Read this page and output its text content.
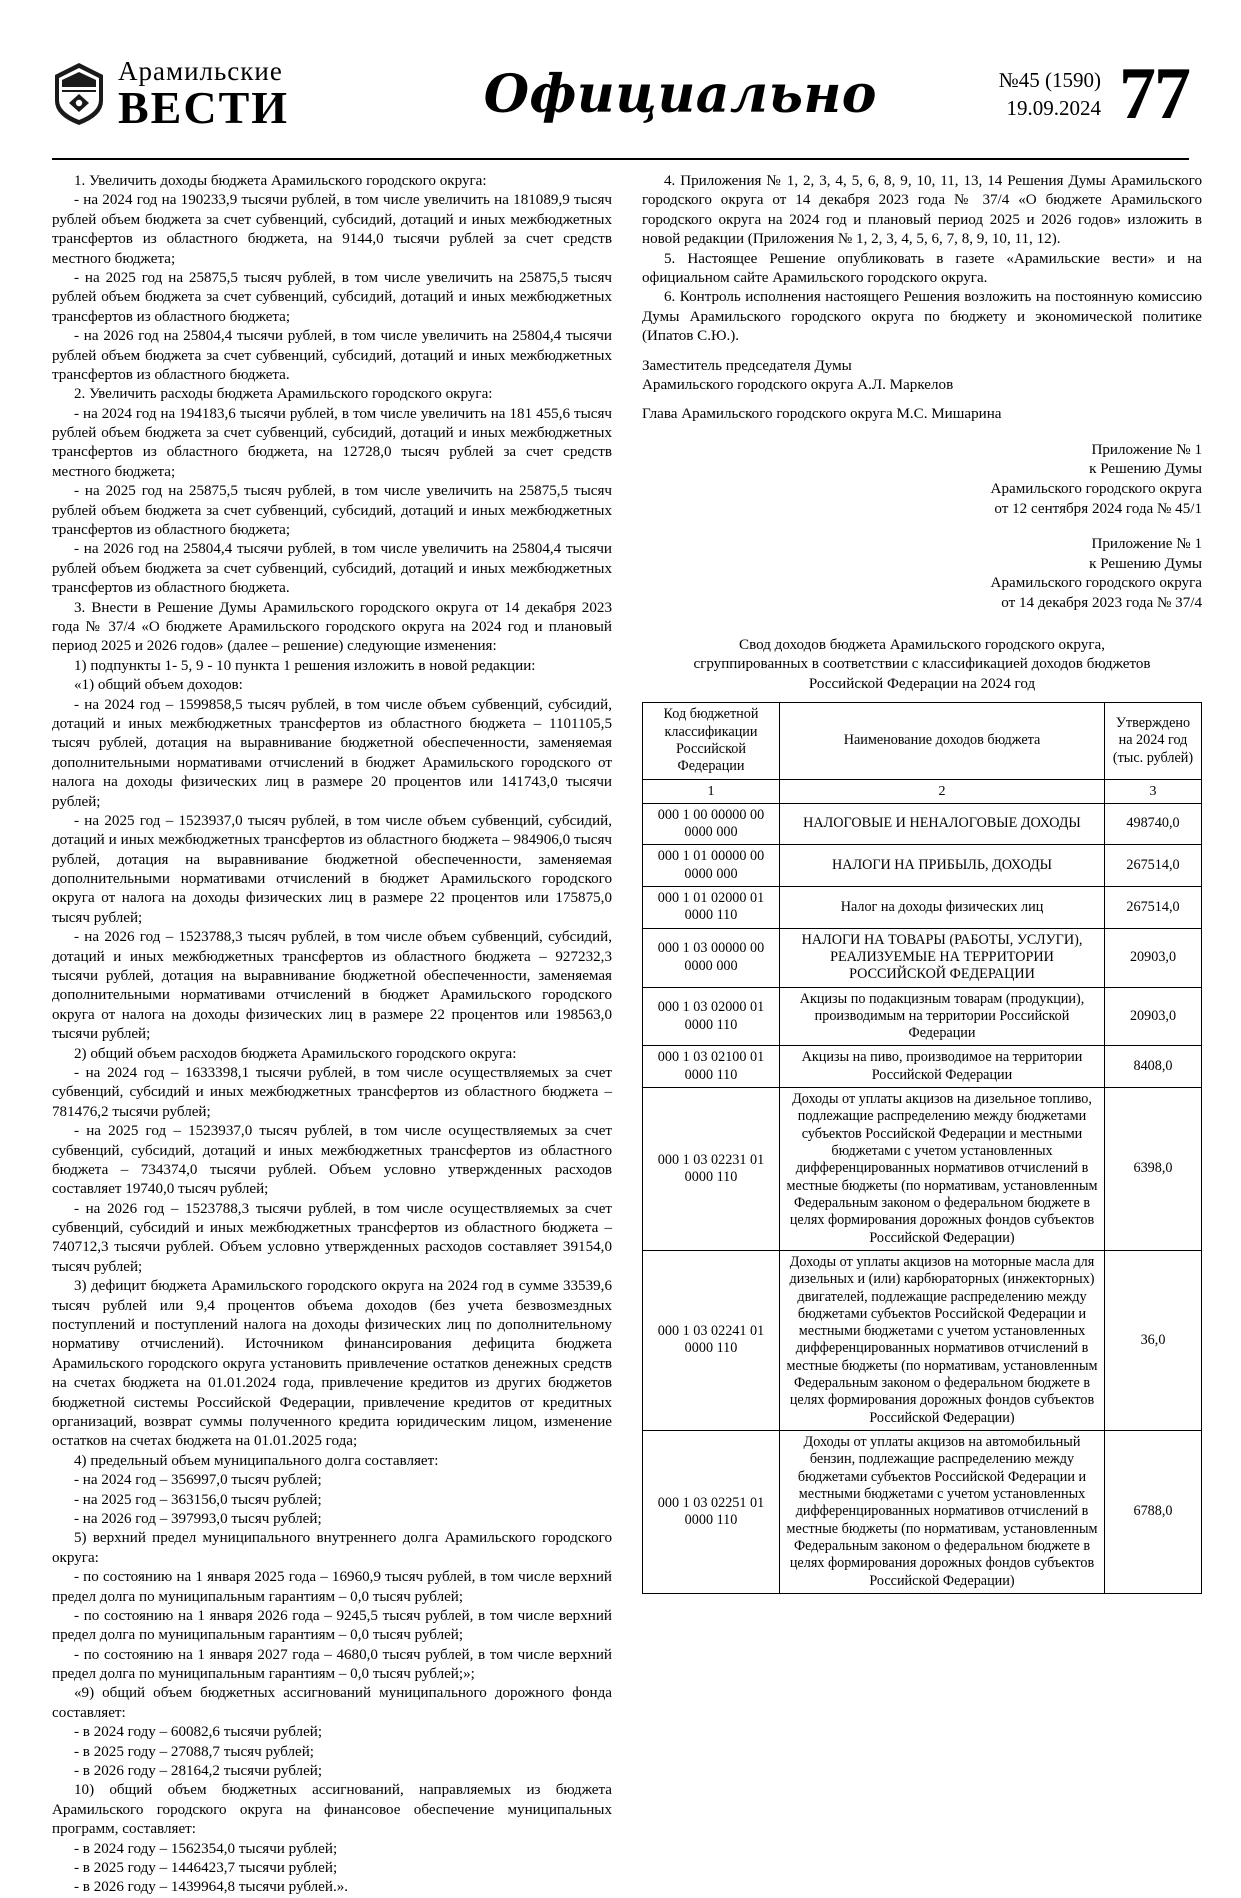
Арамильские
ВЕСТИ	Официально	№45 (1590)
19.09.2024 77

1. Увеличить доходы бюджета Арамильского городского округа:

- на 2024 год на 190233,9 тысячи рублей, в том числе увеличить на 181089,9 тысяч рублей объем бюджета за счет субвенций, субсидий, дотаций и иных межбюджетных трансфертов из областного бюджета, на 9144,0 тысячи рублей за счет средств местного бюджета;

- на 2025 год на 25875,5 тысяч рублей, в том числе увеличить на 25875,5 тысяч рублей объем бюджета за счет субвенций, субсидий, дотаций и иных межбюджетных трансфертов из областного бюджета;

- на 2026 год на 25804,4 тысячи рублей, в том числе увеличить на 25804,4 тысячи рублей объем бюджета за счет субвенций, субсидий, дотаций и иных межбюджетных трансфертов из областного бюджета.

2. Увеличить расходы бюджета Арамильского городского округа:

- на 2024 год на 194183,6 тысячи рублей, в том числе увеличить на 181 455,6 тысяч рублей объем бюджета за счет субвенций, субсидий, дотаций и иных межбюджетных трансфертов из областного бюджета, на 12728,0 тысяч рублей за счет средств местного бюджета;

- на 2025 год на 25875,5 тысяч рублей, в том числе увеличить на 25875,5 тысяч рублей объем бюджета за счет субвенций, субсидий, дотаций и иных межбюджетных трансфертов из областного бюджета;

- на 2026 год на 25804,4 тысячи рублей, в том числе увеличить на 25804,4 тысячи рублей объем бюджета за счет субвенций, субсидий, дотаций и иных межбюджетных трансфертов из областного бюджета.

3. Внести в Решение Думы Арамильского городского округа от 14 декабря 2023 года № 37/4 «О бюджете Арамильского городского округа на 2024 год и плановый период 2025 и 2026 годов» (далее – решение) следующие изменения:

1) подпункты 1- 5, 9 - 10 пункта 1 решения изложить в новой редакции:

«1) общий объем доходов:

- на 2024 год – 1599858,5 тысяч рублей, в том числе объем субвенций, субсидий, дотаций и иных межбюджетных трансфертов из областного бюджета – 1101105,5 тысяч рублей, дотация на выравнивание бюджетной обеспеченности, заменяемая дополнительными нормативами отчислений в бюджет Арамильского городского от налога на доходы физических лиц в размере 20 процентов или 141743,0 тысячи рублей;

- на 2025 год – 1523937,0 тысяч рублей, в том числе объем субвенций, субсидий, дотаций и иных межбюджетных трансфертов из областного бюджета – 984906,0 тысяч рублей, дотация на выравнивание бюджетной обеспеченности, заменяемая дополнительными нормативами отчислений в бюджет Арамильского городского округа от налога на доходы физических лиц в размере 22 процентов или 175875,0 тысяч рублей;

- на 2026 год – 1523788,3 тысяч рублей, в том числе объем субвенций, субсидий, дотаций и иных межбюджетных трансфертов из областного бюджета – 927232,3 тысячи рублей, дотация на выравнивание бюджетной обеспеченности, заменяемая дополнительными нормативами отчислений в бюджет Арамильского городского округа от налога на доходы физических лиц в размере 22 процентов или 198563,0 тысячи рублей;

2) общий объем расходов бюджета Арамильского городского округа:

- на 2024 год – 1633398,1 тысячи рублей, в том числе осуществляемых за счет субвенций, субсидий и иных межбюджетных трансфертов из областного бюджета – 781476,2 тысячи рублей;

- на 2025 год – 1523937,0 тысяч рублей, в том числе осуществляемых за счет субвенций, субсидий, дотаций и иных межбюджетных трансфертов из областного бюджета – 734374,0 тысячи рублей. Объем условно утвержденных расходов составляет 19740,0 тысяч рублей;

- на 2026 год – 1523788,3 тысячи рублей, в том числе осуществляемых за счет субвенций, субсидий и иных межбюджетных трансфертов из областного бюджета – 740712,3 тысячи рублей. Объем условно утвержденных расходов составляет 39154,0 тысяч рублей;

3) дефицит бюджета Арамильского городского округа на 2024 год в сумме 33539,6 тысяч рублей или 9,4 процентов объема доходов (без учета безвозмездных поступлений и поступлений налога на доходы физических лиц по дополнительному нормативу отчислений). Источником финансирования дефицита бюджета Арамильского городского округа установить привлечение остатков денежных средств на счетах бюджета на 01.01.2024 года, привлечение кредитов из других бюджетов бюджетной системы Российской Федерации, привлечение кредитов от кредитных организаций, возврат суммы полученного кредита юридическим лицом, изменение остатков на счетах бюджета на 01.01.2025 года;

4) предельный объем муниципального долга составляет:

- на 2024 год – 356997,0 тысяч рублей;

- на 2025 год – 363156,0 тысяч рублей;

- на 2026 год – 397993,0 тысяч рублей;

5) верхний предел муниципального внутреннего долга Арамильского городского округа:

- по состоянию на 1 января 2025 года – 16960,9 тысяч рублей, в том числе верхний предел долга по муниципальным гарантиям – 0,0 тысяч рублей;

- по состоянию на 1 января 2026 года – 9245,5 тысяч рублей, в том числе верхний предел долга по муниципальным гарантиям – 0,0 тысяч рублей;

- по состоянию на 1 января 2027 года – 4680,0 тысяч рублей, в том числе верхний предел долга по муниципальным гарантиям – 0,0 тысяч рублей;»;

«9) общий объем бюджетных ассигнований муниципального дорожного фонда составляет:

- в 2024 году – 60082,6 тысячи рублей;

- в 2025 году – 27088,7 тысяч рублей;

- в 2026 году – 28164,2 тысячи рублей;

10) общий объем бюджетных ассигнований, направляемых из бюджета Арамильского городского округа на финансовое обеспечение муниципальных программ, составляет:

- в 2024 году – 1562354,0 тысячи рублей;

- в 2025 году – 1446423,7 тысячи рублей;

- в 2026 году – 1439964,8 тысячи рублей.».

4. Приложения № 1, 2, 3, 4, 5, 6, 8, 9, 10, 11, 13, 14 Решения Думы Арамильского городского округа от 14 декабря 2023 года № 37/4 «О бюджете Арамильского городского округа на 2024 год и плановый период 2025 и 2026 годов» изложить в новой редакции (Приложения № 1, 2, 3, 4, 5, 6, 7, 8, 9, 10, 11, 12).

5. Настоящее Решение опубликовать в газете «Арамильские вести» и на официальном сайте Арамильского городского округа.

6. Контроль исполнения настоящего Решения возложить на постоянную комиссию Думы Арамильского городского округа по бюджету и экономической политике (Ипатов С.Ю.).

Заместитель председателя Думы

Арамильского городского округа А.Л. Маркелов

Глава Арамильского городского округа М.С. Мишарина

Приложение № 1
к Решению Думы
Арамильского городского округа
от 12 сентября 2024 года № 45/1
Приложение № 1
к Решению Думы
Арамильского городского округа
от 14 декабря 2023 года № 37/4
Свод доходов бюджета Арамильского городского округа,
сгруппированных в соответствии с классификацией доходов бюджетов
Российской Федерации на 2024 год
Код бюджетной классификации Российской Федерации	Наименование доходов бюджета	Утверждено на 2024 год (тыс. рублей)
1	2	3
000 1 00 00000 00 0000 000	НАЛОГОВЫЕ И НЕНАЛОГОВЫЕ ДОХОДЫ	498740,0
000 1 01 00000 00 0000 000	НАЛОГИ НА ПРИБЫЛЬ, ДОХОДЫ	267514,0
000 1 01 02000 01 0000 110	Налог на доходы физических лиц	267514,0
000 1 03 00000 00 0000 000	НАЛОГИ НА ТОВАРЫ (РАБОТЫ, УСЛУГИ), РЕАЛИЗУЕМЫЕ НА ТЕРРИТОРИИ РОССИЙСКОЙ ФЕДЕРАЦИИ	20903,0
000 1 03 02000 01 0000 110	Акцизы по подакцизным товарам (продукции), производимым на территории Российской Федерации	20903,0
000 1 03 02100 01 0000 110	Акцизы на пиво, производимое на территории Российской Федерации	8408,0
000 1 03 02231 01 0000 110	Доходы от уплаты акцизов на дизельное топливо, подлежащие распределению между бюджетами субъектов Российской Федерации и местными бюджетами с учетом установленных дифференцированных нормативов отчислений в местные бюджеты (по нормативам, установленным Федеральным законом о федеральном бюджете в целях формирования дорожных фондов субъектов Российской Федерации)	6398,0
000 1 03 02241 01 0000 110	Доходы от уплаты акцизов на моторные масла для дизельных и (или) карбюраторных (инжекторных) двигателей, подлежащие распределению между бюджетами субъектов Российской Федерации и местными бюджетами с учетом установленных дифференцированных нормативов отчислений в местные бюджеты (по нормативам, установленным Федеральным законом о федеральном бюджете в целях формирования дорожных фондов субъектов Российской Федерации)	36,0
000 1 03 02251 01 0000 110	Доходы от уплаты акцизов на автомобильный бензин, подлежащие распределению между бюджетами субъектов Российской Федерации и местными бюджетами с учетом установленных дифференцированных нормативов отчислений в местные бюджеты (по нормативам, установленным Федеральным законом о федеральном бюджете в целях формирования дорожных фондов субъектов Российской Федерации)	6788,0
